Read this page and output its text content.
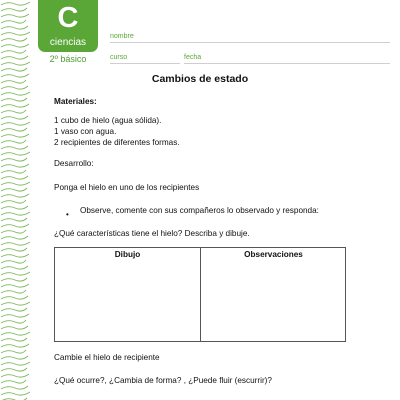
C
ciencias
2º básico
nombre
curso	fecha
Cambios de estado
Materiales:
1 cubo de hielo (agua sólida).
1 vaso con agua.
2 recipientes de diferentes formas.
Desarrollo:
Ponga el hielo en uno de los recipientes
• Observe, comente con sus compañeros lo observado y responda:
¿Qué características tiene el hielo? Describa y dibuje.
Dibujo	Observaciones
Cambie el hielo de recipiente
¿Qué ocurre?, ¿Cambia de forma? , ¿Puede fluir (escurrir)?
